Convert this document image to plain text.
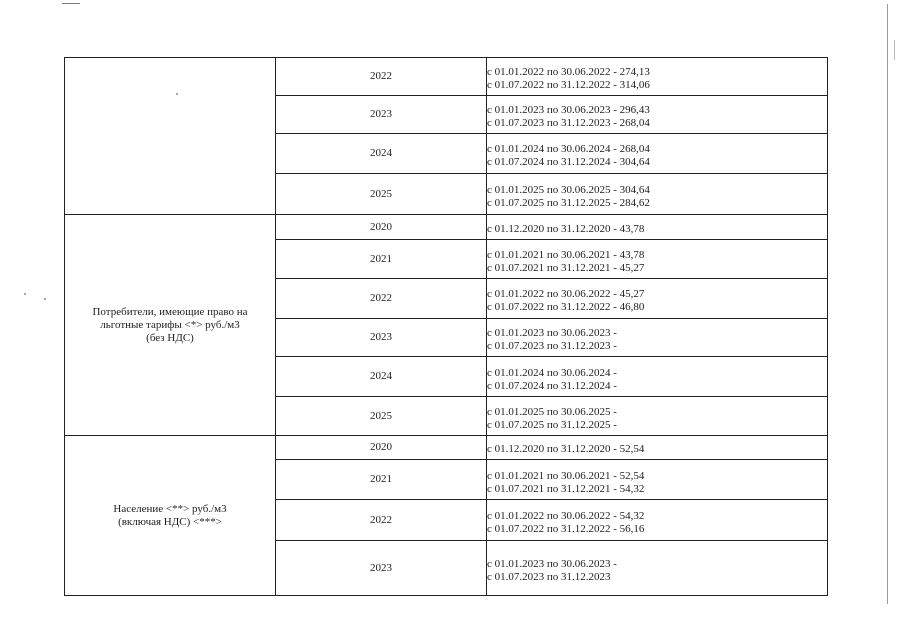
	2022	с 01.01.2022 по 30.06.2022 - 274,13
с 01.07.2022 по 31.12.2022 - 314,06

	2023	с 01.01.2023 по 30.06.2023 - 296,43
с 01.07.2023 по 31.12.2023 - 268,04

	2024	с 01.01.2024 по 30.06.2024 - 268,04
с 01.07.2024 по 31.12.2024 - 304,64

	2025	с 01.01.2025 по 30.06.2025 - 304,64
с 01.07.2025 по 31.12.2025 - 284,62

Потребители, имеющие право на
льготные тарифы <*> руб./м3
(без НДС)	2020	с 01.12.2020 по 31.12.2020 - 43,78

	2021	с 01.01.2021 по 30.06.2021 - 43,78
с 01.07.2021 по 31.12.2021 - 45,27

	2022	с 01.01.2022 по 30.06.2022 - 45,27
с 01.07.2022 по 31.12.2022 - 46,80

	2023	с 01.01.2023 по 30.06.2023 -
с 01.07.2023 по 31.12.2023 -

	2024	с 01.01.2024 по 30.06.2024 -
с 01.07.2024 по 31.12.2024 -

	2025	с 01.01.2025 по 30.06.2025 -
с 01.07.2025 по 31.12.2025 -

Население <**> руб./м3
(включая НДС) <***>	2020	с 01.12.2020 по 31.12.2020 - 52,54

	2021	с 01.01.2021 по 30.06.2021 - 52,54
с 01.07.2021 по 31.12.2021 - 54,32

	2022	с 01.01.2022 по 30.06.2022 - 54,32
с 01.07.2022 по 31.12.2022 - 56,16

	2023	с 01.01.2023 по 30.06.2023 -
с 01.07.2023 по 31.12.2023
